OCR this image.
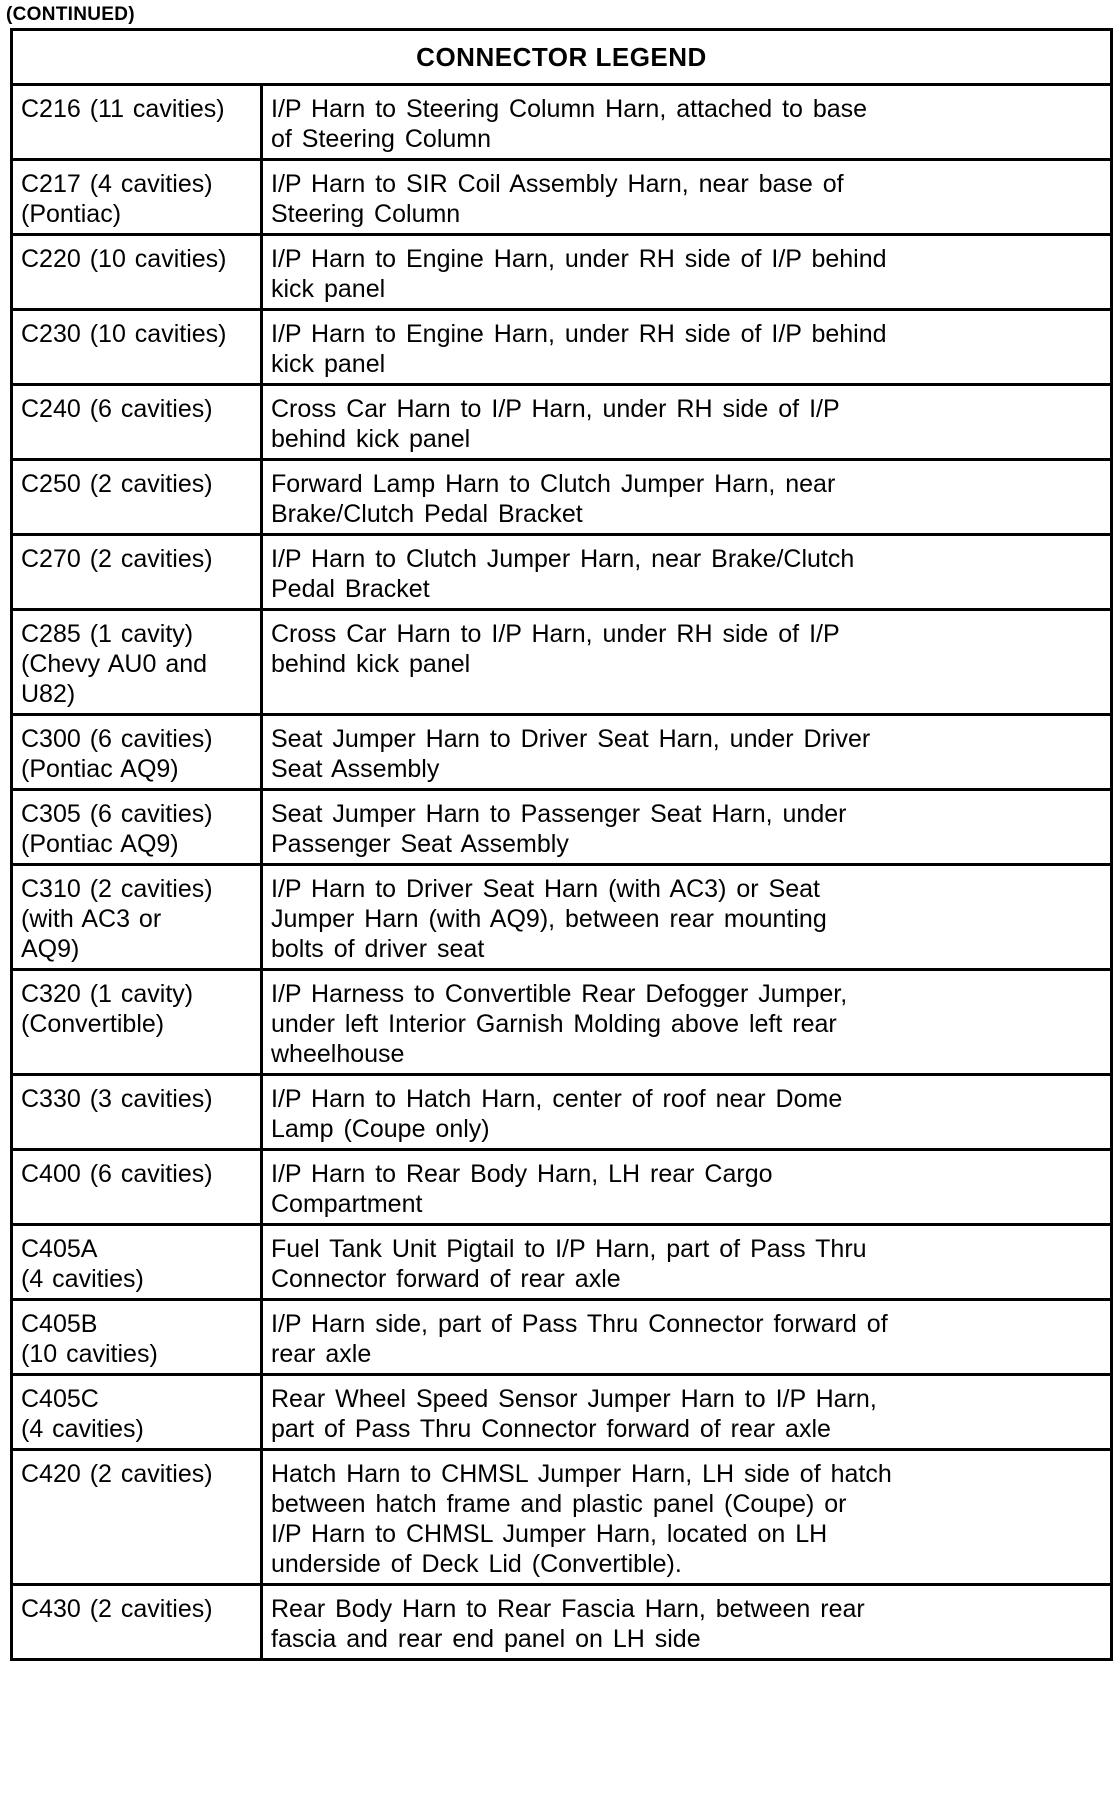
(CONTINUED)
CONNECTOR LEGEND	
C216 (11 cavities)	I/P Harn to Steering Column Harn, attached to base
of Steering Column
C217 (4 cavities)
(Pontiac)	I/P Harn to SIR Coil Assembly Harn, near base of
Steering Column
C220 (10 cavities)	I/P Harn to Engine Harn, under RH side of I/P behind
kick panel
C230 (10 cavities)	I/P Harn to Engine Harn, under RH side of I/P behind
kick panel
C240 (6 cavities)	Cross Car Harn to I/P Harn, under RH side of I/P
behind kick panel
C250 (2 cavities)	Forward Lamp Harn to Clutch Jumper Harn, near
Brake/Clutch Pedal Bracket
C270 (2 cavities)	I/P Harn to Clutch Jumper Harn, near Brake/Clutch
Pedal Bracket
C285 (1 cavity)
(Chevy AU0 and
U82)	Cross Car Harn to I/P Harn, under RH side of I/P
behind kick panel
C300 (6 cavities)
(Pontiac AQ9)	Seat Jumper Harn to Driver Seat Harn, under Driver
Seat Assembly
C305 (6 cavities)
(Pontiac AQ9)	Seat Jumper Harn to Passenger Seat Harn, under
Passenger Seat Assembly
C310 (2 cavities)
(with AC3 or
AQ9)	I/P Harn to Driver Seat Harn (with AC3) or Seat
Jumper Harn (with AQ9), between rear mounting
bolts of driver seat
C320 (1 cavity)
(Convertible)	I/P Harness to Convertible Rear Defogger Jumper,
under left Interior Garnish Molding above left rear
wheelhouse
C330 (3 cavities)	I/P Harn to Hatch Harn, center of roof near Dome
Lamp (Coupe only)
C400 (6 cavities)	I/P Harn to Rear Body Harn, LH rear Cargo
Compartment
C405A
(4 cavities)	Fuel Tank Unit Pigtail to I/P Harn, part of Pass Thru
Connector forward of rear axle
C405B
(10 cavities)	I/P Harn side, part of Pass Thru Connector forward of
rear axle
C405C
(4 cavities)	Rear Wheel Speed Sensor Jumper Harn to I/P Harn,
part of Pass Thru Connector forward of rear axle
C420 (2 cavities)	Hatch Harn to CHMSL Jumper Harn, LH side of hatch
between hatch frame and plastic panel (Coupe) or
I/P Harn to CHMSL Jumper Harn, located on LH
underside of Deck Lid (Convertible).
C430 (2 cavities)	Rear Body Harn to Rear Fascia Harn, between rear
fascia and rear end panel on LH side
